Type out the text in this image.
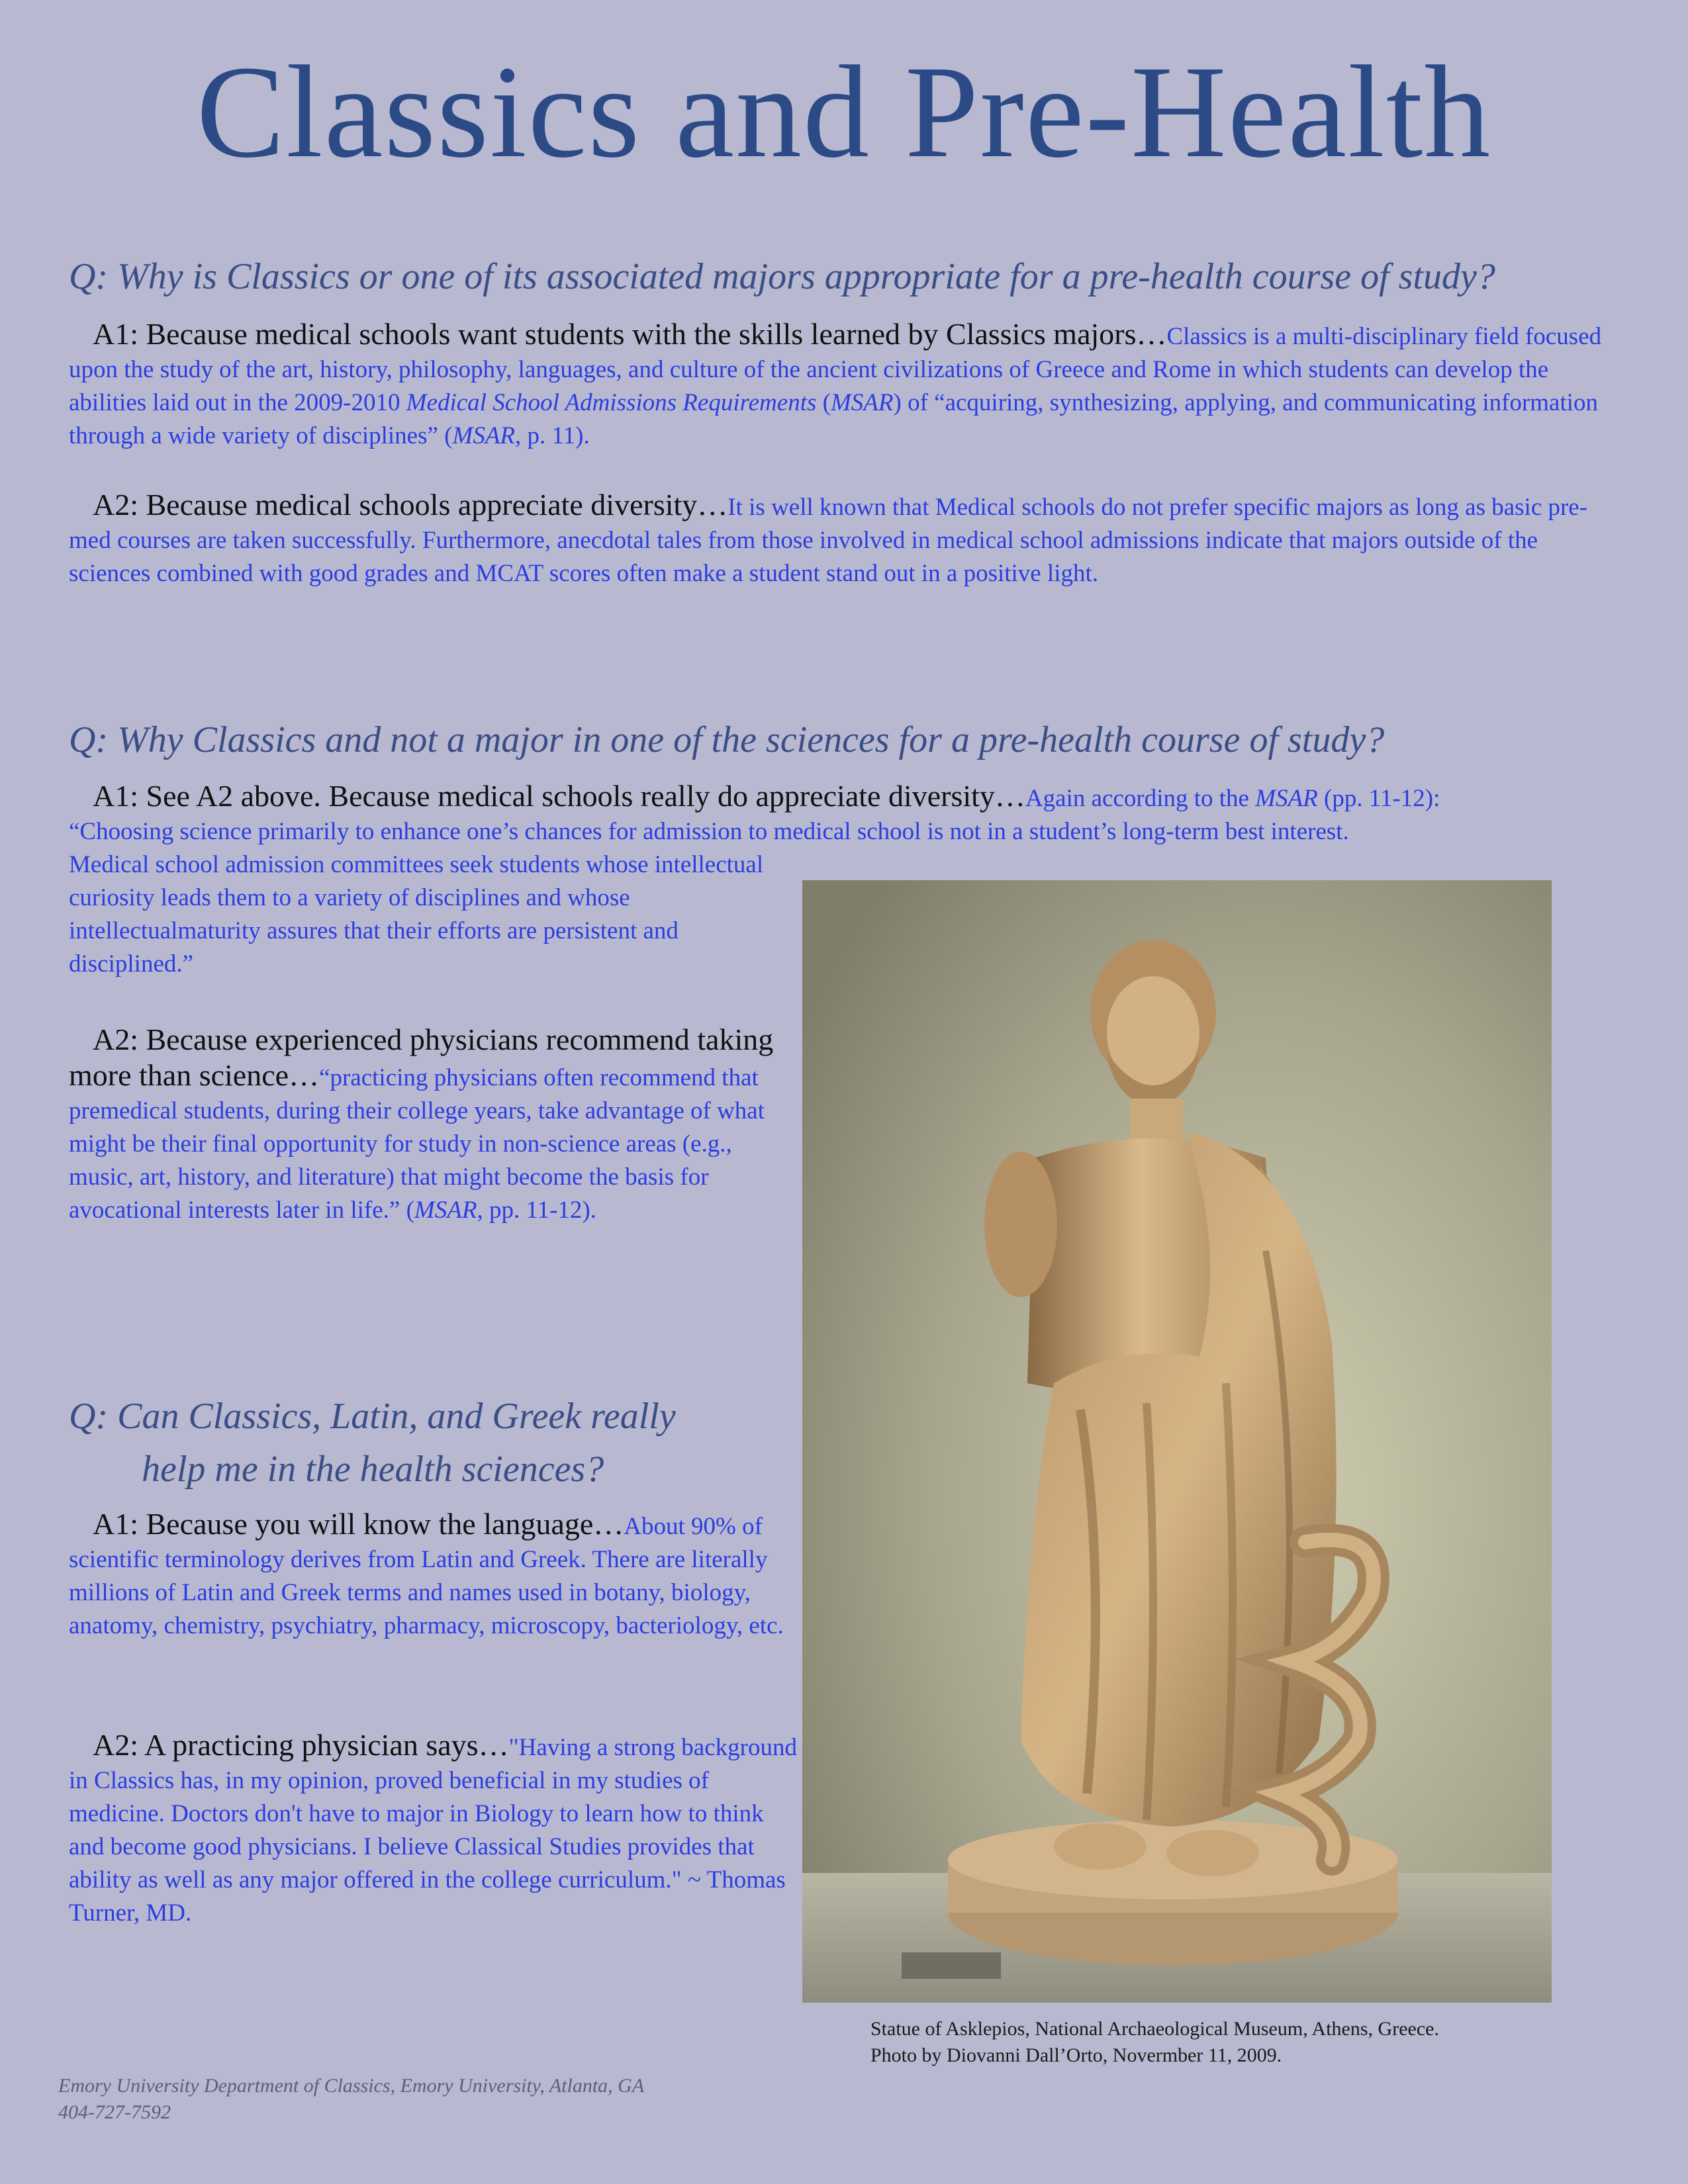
Classics and Pre-Health
Q: Why is Classics or one of its associated majors appropriate for a pre-health course of study?
A1: Because medical schools want students with the skills learned by Classics majors…Classics is a multi-disciplinary field focused upon the study of the art, history, philosophy, languages, and culture of the ancient civilizations of Greece and Rome in which students can develop the abilities laid out in the 2009-2010 Medical School Admissions Requirements (MSAR) of “acquiring, synthesizing, applying, and communicating information through a wide variety of disciplines” (MSAR, p. 11).
A2: Because medical schools appreciate diversity…It is well known that Medical schools do not prefer specific majors as long as basic pre-med courses are taken successfully. Furthermore, anecdotal tales from those involved in medical school admissions indicate that majors outside of the sciences combined with good grades and MCAT scores often make a student stand out in a positive light.
Q: Why Classics and not a major in one of the sciences for a pre-health course of study?
A1: See A2 above. Because medical schools really do appreciate diversity…Again according to the MSAR (pp. 11-12):
“Choosing science primarily to enhance one’s chances for admission to medical school is not in a student’s long-term best interest.
Medical school admission committees seek students whose intellectual curiosity leads them to a variety of disciplines and whose intellectualmaturity assures that their efforts are persistent and disciplined.”
A2: Because experienced physicians recommend taking more than science…“practicing physicians often recommend that premedical students, during their college years, take advantage of what might be their final opportunity for study in non-science areas (e.g., music, art, history, and literature) that might become the basis for avocational interests later in life.” (MSAR, pp. 11-12).
Q: Can Classics, Latin, and Greek really
help me in the health sciences?
A1: Because you will know the language…About 90% of scientific terminology derives from Latin and Greek. There are literally millions of Latin and Greek terms and names used in botany, biology, anatomy, chemistry, psychiatry, pharmacy, microscopy, bacteriology, etc.
A2: A practicing physician says…"Having a strong background in Classics has, in my opinion, proved beneficial in my studies of medicine. Doctors don't have to major in Biology to learn how to think and become good physicians. I believe Classical Studies provides that ability as well as any major offered in the college curriculum." ~ Thomas Turner, MD.
Statue of Asklepios, National Archaeological Museum, Athens, Greece.
Photo by Diovanni Dall’Orto, Novermber 11, 2009.
Emory University Department of Classics, Emory University, Atlanta, GA
404-727-7592
